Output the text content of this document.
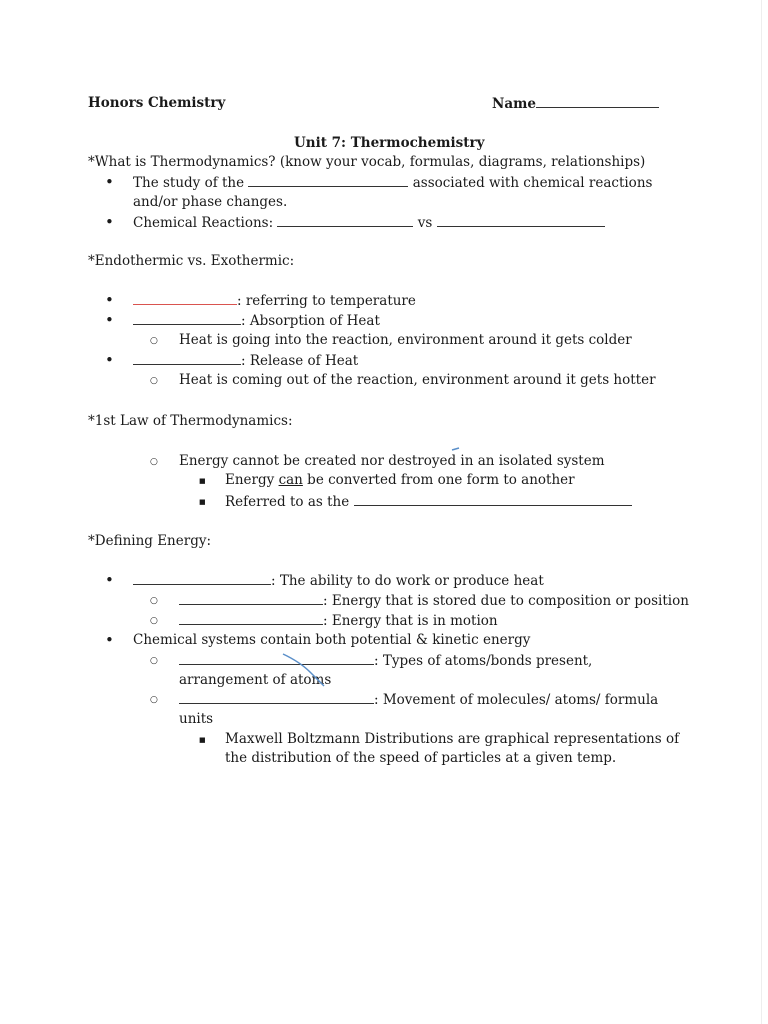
Honors Chemistry	Name
Unit 7: Thermochemistry
*What is Thermodynamics? (know your vocab, formulas, diagrams, relationships)
• The study of the	associated with chemical reactions
and/or phase changes.
• Chemical Reactions:	vs
*Endothermic vs. Exothermic:
• : referring to temperature
• : Absorption of Heat
○ Heat is going into the reaction, environment around it gets colder
• : Release of Heat
○ Heat is coming out of the reaction, environment around it gets hotter
*1st Law of Thermodynamics:
○ Energy cannot be created nor destroyed in an isolated system
■ Energy can be converted from one form to another
■ Referred to as the
*Defining Energy:
• : The ability to do work or produce heat
○ : Energy that is stored due to composition or position
○ : Energy that is in motion
• Chemical systems contain both potential & kinetic energy
○ : Types of atoms/bonds present,
arrangement of atoms
○ : Movement of molecules/ atoms/ formula
units
■ Maxwell Boltzmann Distributions are graphical representations of
the distribution of the speed of particles at a given temp.
